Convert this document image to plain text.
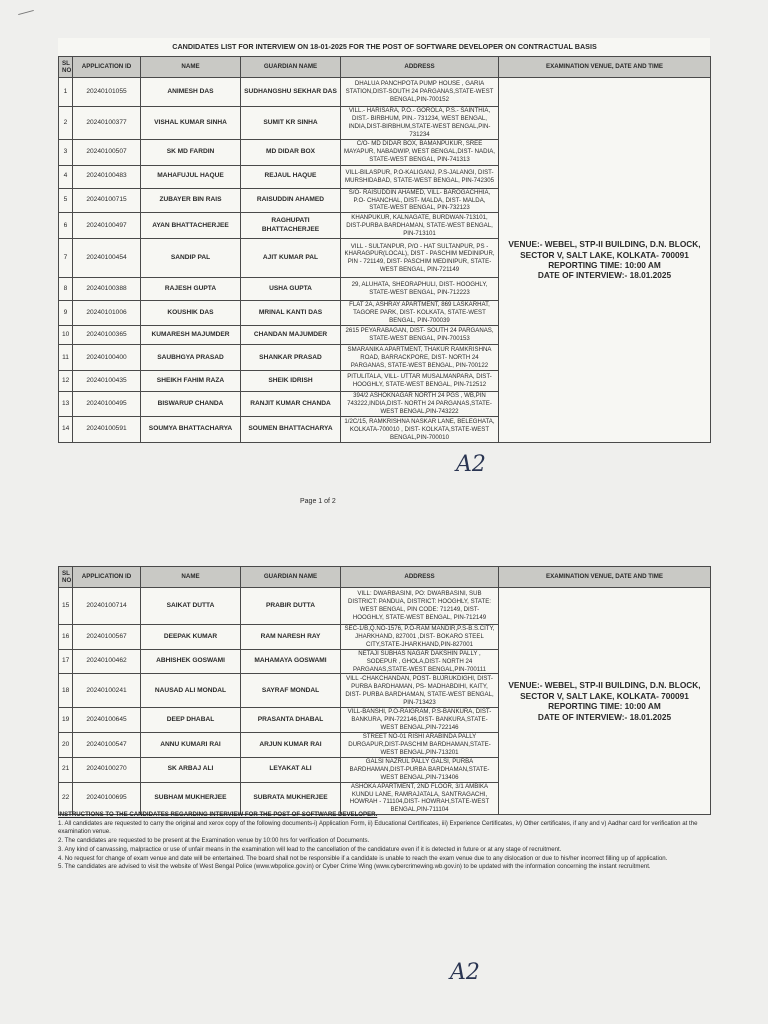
CANDIDATES LIST FOR INTERVIEW ON 18-01-2025 FOR THE POST OF SOFTWARE DEVELOPER ON CONTRACTUAL BASIS					
SL NO	APPLICATION ID	NAME	GUARDIAN NAME	ADDRESS	EXAMINATION VENUE, DATE AND TIME
1	20240101055	ANIMESH DAS	SUDHANGSHU SEKHAR DAS	DHALUA PANCHPOTA PUMP HOUSE , GARIA STATION,DIST-SOUTH 24 PARGANAS,STATE-WEST BENGAL,PIN-700152	VENUE:- WEBEL, STP-II BUILDING, D.N. BLOCK, SECTOR V, SALT LAKE, KOLKATA- 700091
REPORTING TIME: 10:00 AM
DATE OF INTERVIEW:- 18.01.2025

2	20240100377	VISHAL KUMAR SINHA	SUMIT KR SINHA	VILL.- HARISARA, P.O.- GOROLA, P.S.- SAINTHIA, DIST.- BIRBHUM, PIN.- 731234, WEST BENGAL, INDIA,DIST-BIRBHUM,STATE-WEST BENGAL,PIN-731234	
3	20240100507	SK MD FARDIN	MD DIDAR BOX	C/O- MD DIDAR BOX, BAMANPUKUR, SREE MAYAPUR, NABADWIP, WEST BENGAL,DIST- NADIA, STATE-WEST BENGAL, PIN-741313	
4	20240100483	MAHAFUJUL HAQUE	REJAUL HAQUE	VILL-BILASPUR, P.O-KALIGANJ, P.S-JALANGI, DIST-MURSHIDABAD, STATE-WEST BENGAL, PIN-742305	
5	20240100715	ZUBAYER BIN RAIS	RAISUDDIN AHAMED	S/O- RAISUDDIN AHAMED, VILL- BAROGACHHIA, P.O- CHANCHAL, DIST- MALDA, DIST- MALDA, STATE-WEST BENGAL, PIN-732123	
6	20240100497	AYAN BHATTACHERJEE	RAGHUPATI BHATTACHERJEE	KHANPUKUR, KALNAGATE, BURDWAN-713101, DIST-PURBA BARDHAMAN, STATE-WEST BENGAL, PIN-713101	
7	20240100454	SANDIP PAL	AJIT KUMAR PAL	VILL - SULTANPUR, P/O - HAT SULTANPUR, PS - KHARAGPUR(LOCAL), DIST - PASCHIM MEDINIPUR, PIN - 721149, DIST- PASCHIM MEDINIPUR, STATE-WEST BENGAL, PIN-721149	
8	20240100388	RAJESH GUPTA	USHA GUPTA	29, ALUHATA, SHEORAPHULI, DIST- HOOGHLY, STATE-WEST BENGAL, PIN-712223	
9	20240101006	KOUSHIK DAS	MRINAL KANTI DAS	FLAT 2A, ASHRAY APARTMENT, 869 LASKARHAT, TAGORE PARK, DIST- KOLKATA, STATE-WEST BENGAL, PIN-700039	
10	20240100365	KUMARESH MAJUMDER	CHANDAN MAJUMDER	2615 PEYARABAGAN, DIST- SOUTH 24 PARGANAS, STATE-WEST BENGAL, PIN-700153	
11	20240100400	SAUBHGYA PRASAD	SHANKAR PRASAD	SMARANIKA APARTMENT, THAKUR RAMKRISHNA ROAD, BARRACKPORE, DIST- NORTH 24 PARGANAS, STATE-WEST BENGAL, PIN-700122	
12	20240100435	SHEIKH FAHIM RAZA	SHEIK IDRISH	PITULITALA, VILL- UTTAR MUSALMANPARA, DIST- HOOGHLY, STATE-WEST BENGAL, PIN-712512	
13	20240100495	BISWARUP CHANDA	RANJIT KUMAR CHANDA	394/2 ASHOKNAGAR NORTH 24 PGS , WB,PIN 743222,INDIA,DIST- NORTH 24 PARGANAS,STATE-WEST BENGAL,PIN-743222	
14	20240100591	SOUMYA BHATTACHARYA	SOUMEN BHATTACHARYA	1/2C/15, RAMKRISHNA NASKAR LANE, BELEGHATA, KOLKATA-700010 , DIST- KOLKATA,STATE-WEST BENGAL,PIN-700010	
Page 1 of 2
A2
SL NO	APPLICATION ID	NAME	GUARDIAN NAME	ADDRESS	EXAMINATION VENUE, DATE AND TIME
15	20240100714	SAIKAT DUTTA	PRABIR DUTTA	VILL: DWARBASINI, PO: DWARBASINI, SUB DISTRICT: PANDUA, DISTRICT: HOOGHLY, STATE: WEST BENGAL, PIN CODE: 712149, DIST- HOOGHLY, STATE-WEST BENGAL, PIN-712149	VENUE:- WEBEL, STP-II BUILDING, D.N. BLOCK, SECTOR V, SALT LAKE, KOLKATA- 700091
REPORTING TIME: 10:00 AM
DATE OF INTERVIEW:- 18.01.2025

16	20240100567	DEEPAK KUMAR	RAM NARESH RAY	SEC-1/B,Q.NO-1576, P.O-RAM MANDIR,P.S-B.S.CITY, JHARKHAND, 827001 ,DIST- BOKARO STEEL CITY,STATE-JHARKHAND,PIN-827001	
17	20240100462	ABHISHEK GOSWAMI	MAHAMAYA GOSWAMI	NETAJI SUBHAS NAGAR DAKSHIN PALLY , SODEPUR , GHOLA,DIST- NORTH 24 PARGANAS,STATE-WEST BENGAL,PIN-700111	
18	20240100241	NAUSAD ALI MONDAL	SAYRAF MONDAL	VILL -CHAKCHANDAN, POST- BUJRUKDIGHI, DIST- PURBA BARDHAMAN, PS- MADHABDIHI, KAITY, DIST- PURBA BARDHAMAN, STATE-WEST BENGAL, PIN-713423	
19	20240100645	DEEP DHABAL	PRASANTA DHABAL	VILL-BANSHI, P.O-RAIGRAM, P.S-BANKURA, DIST-BANKURA, PIN-722146,DIST- BANKURA,STATE-WEST BENGAL,PIN-722146	
20	20240100547	ANNU KUMARI RAI	ARJUN KUMAR RAI	STREET NO-01 RISHI ARABINDA PALLY DURGAPUR,DIST-PASCHIM BARDHAMAN,STATE-WEST BENGAL,PIN-713201	
21	20240100270	SK ARBAJ ALI	LEYAKAT ALI	GALSI NAZRUL PALLY GALSI, PURBA BARDHAMAN,DIST-PURBA BARDHAMAN,STATE-WEST BENGAL,PIN-713406	
22	20240100695	SUBHAM MUKHERJEE	SUBRATA MUKHERJEE	ASHOKA APARTMENT, 2ND FLOOR, 3/1 AMBIKA KUNDU LANE, RAMRAJATALA, SANTRAGACHI, HOWRAH - 711104,DIST- HOWRAH,STATE-WEST BENGAL,PIN-711104	
INSTRUCTIONS TO THE CANDIDATES REGARDING INTERVIEW FOR THE POST OF SOFTWARE DEVELOPER.
1. All candidates are requested to carry the original and xerox copy of the following documents-i) Application Form, ii) Educational Certificates, iii) Experience Certificates, iv) Other certificates, if any and v) Aadhar card for verification at the examination venue.
2. The candidates are requested to be present at the Examination venue by 10:00 hrs for verification of Documents.
3. Any kind of canvassing, malpractice or use of unfair means in the examination will lead to the cancellation of the candidature even if it is detected in future or at any stage of recruitment.
4. No request for change of exam venue and date will be entertained. The board shall not be responsible if a candidate is unable to reach the exam venue due to any dislocation or due to his/her incorrect filling up of application.
5. The candidates are advised to visit the website of West Bengal Police (www.wbpolice.gov.in) or Cyber Crime Wing (www.cybercrimewing.wb.gov.in) to be updated with the information concerning the instant recruitment.
A2
